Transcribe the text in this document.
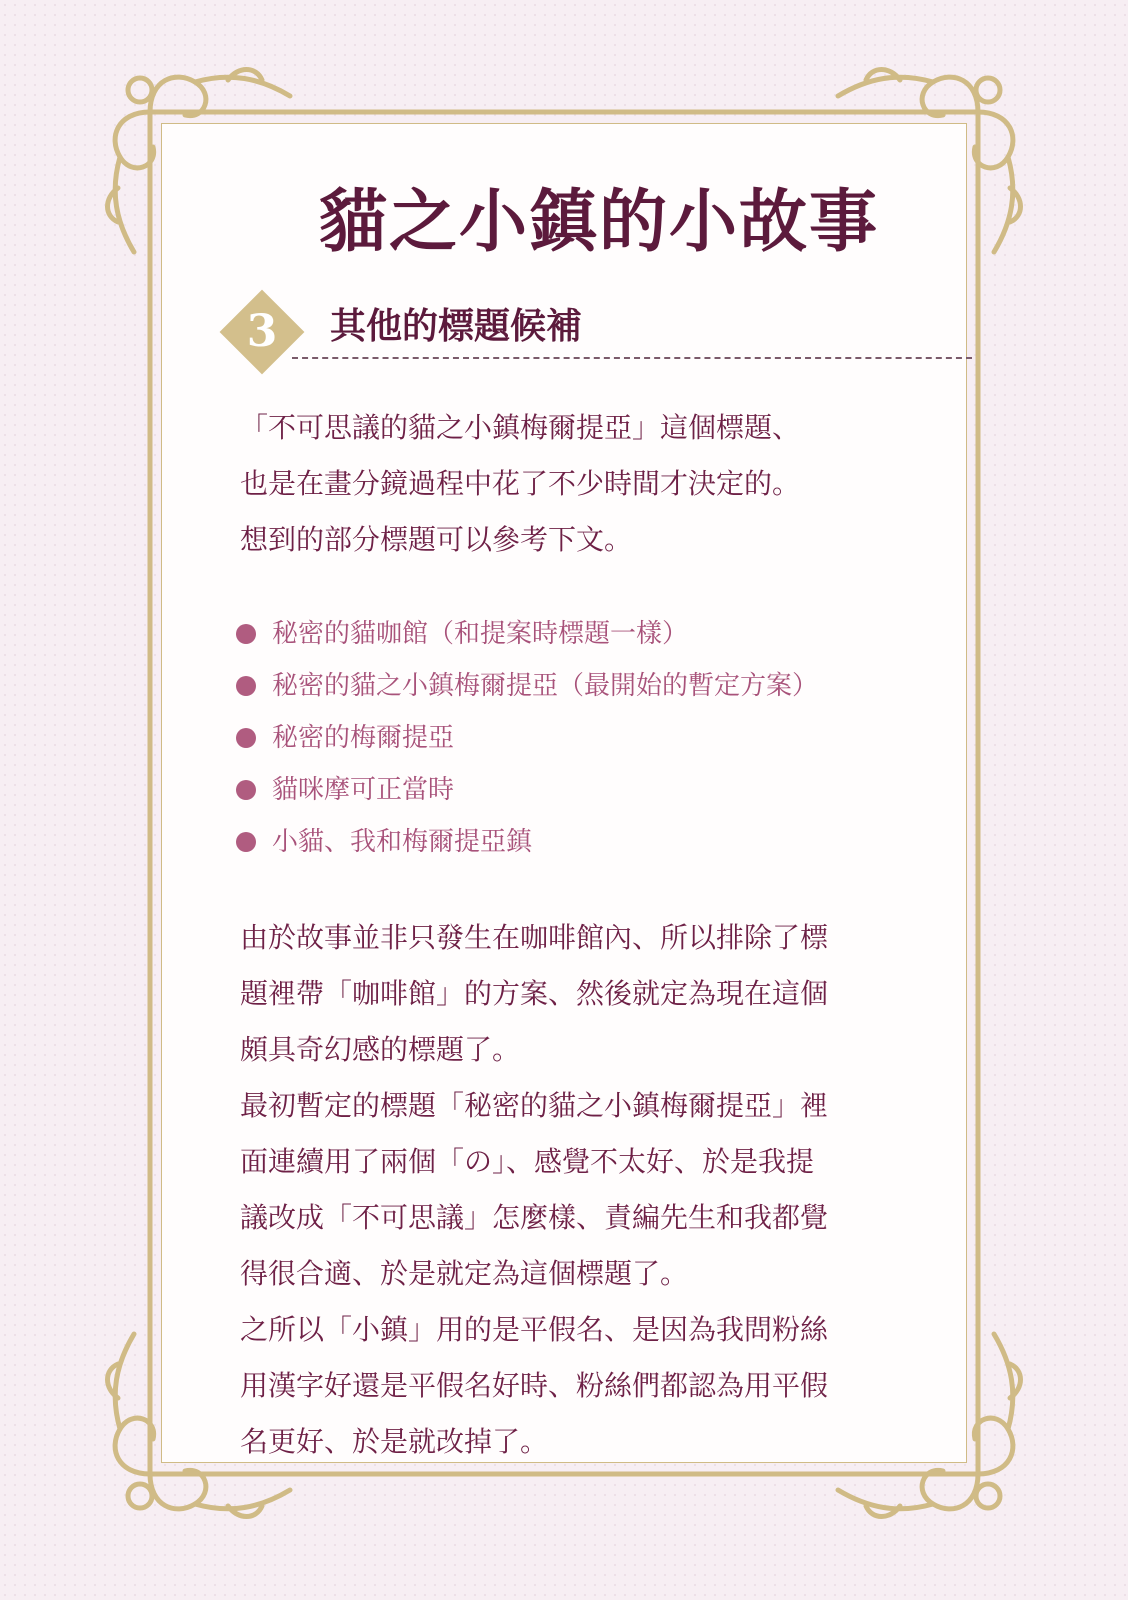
貓之小鎮的小故事
3	其他的標題候補

「不可思議的貓之小鎮梅爾提亞」這個標題、
也是在畫分鏡過程中花了不少時間才決定的。
想到的部分標題可以參考下文。

秘密的貓咖館（和提案時標題一樣）
秘密的貓之小鎮梅爾提亞（最開始的暫定方案）
秘密的梅爾提亞
貓咪摩可正當時
小貓、我和梅爾提亞鎮

由於故事並非只發生在咖啡館內、所以排除了標
題裡帶「咖啡館」的方案、然後就定為現在這個
頗具奇幻感的標題了。
最初暫定的標題「秘密的貓之小鎮梅爾提亞」裡
面連續用了兩個「の」、感覺不太好、於是我提
議改成「不可思議」怎麼樣、責編先生和我都覺
得很合適、於是就定為這個標題了。
之所以「小鎮」用的是平假名、是因為我問粉絲
用漢字好還是平假名好時、粉絲們都認為用平假
名更好、於是就改掉了。
